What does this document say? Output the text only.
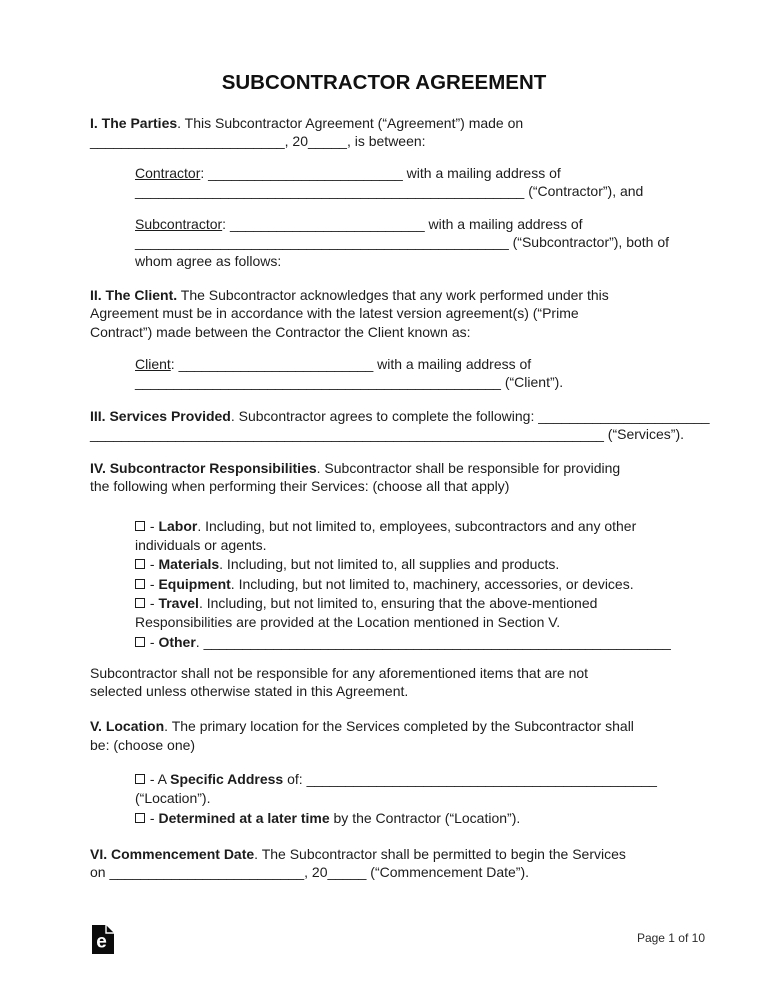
SUBCONTRACTOR AGREEMENT

I. The Parties. This Subcontractor Agreement (“Agreement”) made on
_________________________, 20_____, is between:

Contractor: _________________________ with a mailing address of
__________________________________________________ (“Contractor”), and

Subcontractor: _________________________ with a mailing address of
________________________________________________ (“Subcontractor”), both of
whom agree as follows:

II. The Client. The Subcontractor acknowledges that any work performed under this
Agreement must be in accordance with the latest version agreement(s) (“Prime
Contract”) made between the Contractor the Client known as:

Client: _________________________ with a mailing address of
_______________________________________________ (“Client”).

III. Services Provided. Subcontractor agrees to complete the following: ______________________
__________________________________________________________________ (“Services”).

IV. Subcontractor Responsibilities. Subcontractor shall be responsible for providing
the following when performing their Services: (choose all that apply)

- Labor. Including, but not limited to, employees, subcontractors and any other
individuals or agents.
- Materials. Including, but not limited to, all supplies and products.
- Equipment. Including, but not limited to, machinery, accessories, or devices.
- Travel. Including, but not limited to, ensuring that the above-mentioned
Responsibilities are provided at the Location mentioned in Section V.
- Other. ____________________________________________________________

Subcontractor shall not be responsible for any aforementioned items that are not
selected unless otherwise stated in this Agreement.

V. Location. The primary location for the Services completed by the Subcontractor shall
be: (choose one)

- A Specific Address of: _____________________________________________
(“Location”).
- Determined at a later time by the Contractor (“Location”).

VI. Commencement Date. The Subcontractor shall be permitted to begin the Services
on _________________________, 20_____ (“Commencement Date”).

e	Page 1 of 10
